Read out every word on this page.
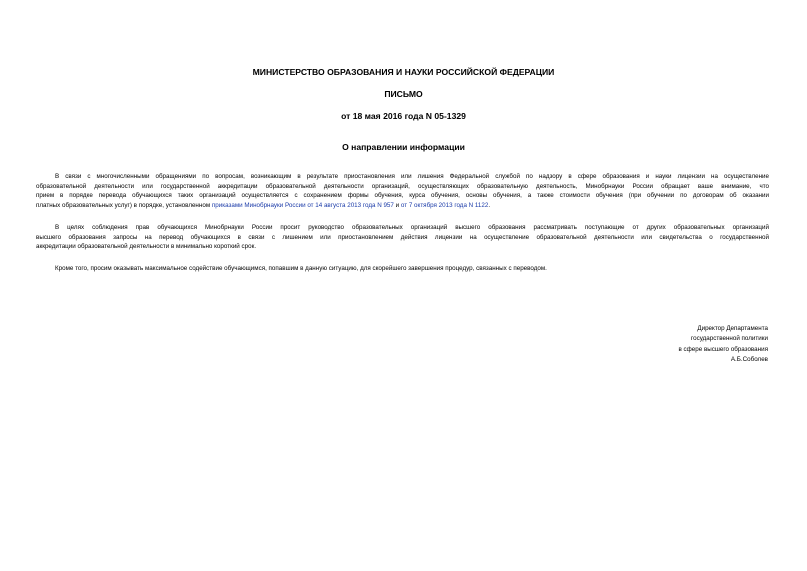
МИНИСТЕРСТВО ОБРАЗОВАНИЯ И НАУКИ РОССИЙСКОЙ ФЕДЕРАЦИИ
ПИСЬМО
от 18 мая 2016 года N 05-1329
О направлении информации
В связи с многочисленными обращениями по вопросам, возникающим в результате приостановления или лишения Федеральной службой по надзору в сфере образования и науки лицензии на осуществление
образовательной деятельности или государственной аккредитации образовательной деятельности организаций, осуществляющих образовательную деятельность, Минобрнауки России обращает ваше внимание, что
прием в порядке перевода обучающихся таких организаций осуществляется с сохранением формы обучения, курса обучения, основы обучения, а также стоимости обучения (при обучении по договорам об оказании
платных образовательных услуг) в порядке, установленном приказами Минобрнауки России от 14 августа 2013 года N 957 и от 7 октября 2013 года N 1122.
В целях соблюдения прав обучающихся Минобрнауки России просит руководство образовательных организаций высшего образования рассматривать поступающие от других образовательных организаций
высшего образования запросы на перевод обучающихся в связи с лишением или приостановлением действия лицензии на осуществление образовательной деятельности или свидетельства о государственной
аккредитации образовательной деятельности в минимально короткий срок.
Кроме того, просим оказывать максимальное содействие обучающимся, попавшим в данную ситуацию, для скорейшего завершения процедур, связанных с переводом.
Директор Департамента
государственной политики
в сфере высшего образования
А.Б.Соболев
